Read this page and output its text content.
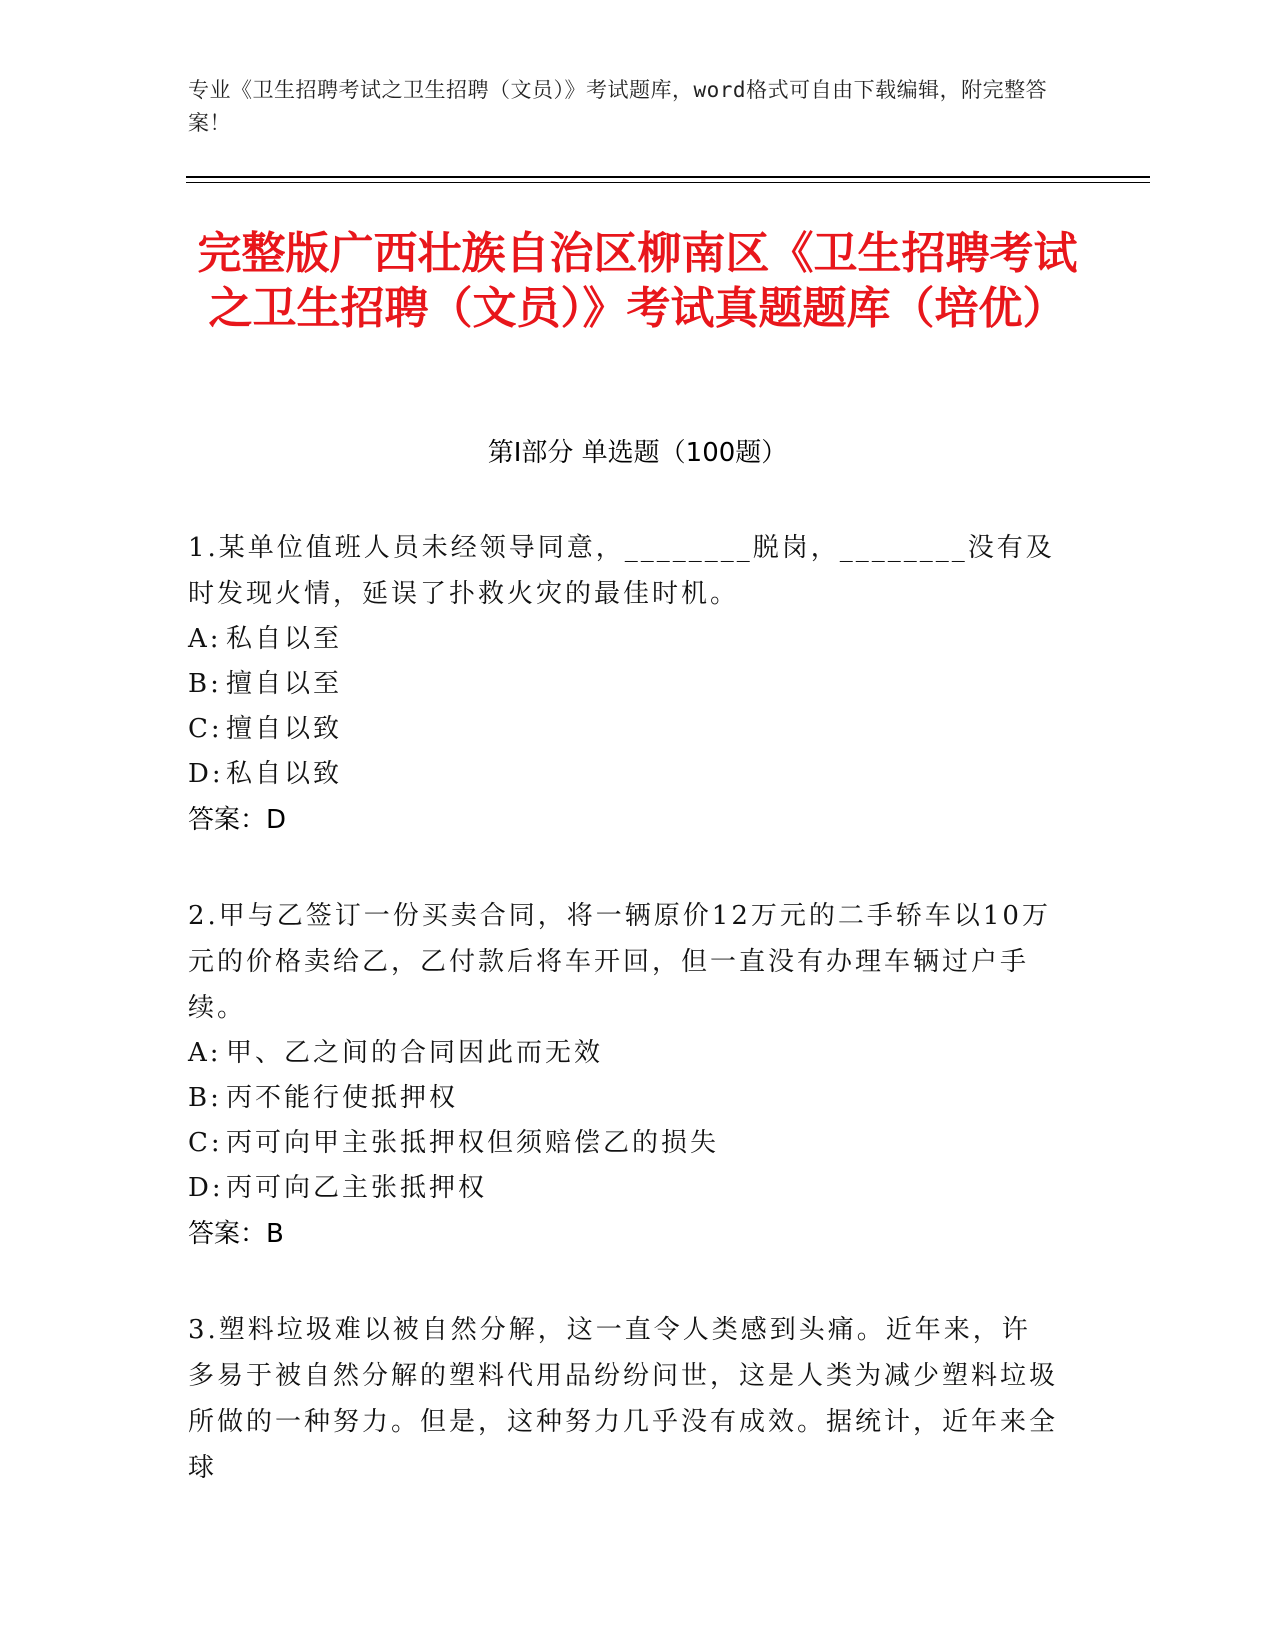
专业《卫生招聘考试之卫生招聘（文员）》考试题库，word格式可自由下载编辑，附完整答案！
完整版广西壮族自治区柳南区《卫生招聘考试之卫生招聘（文员）》考试真题题库（培优）
第I部分 单选题（100题）

1.某单位值班人员未经领导同意，________脱岗，________没有及时发现火情，延误了扑救火灾的最佳时机。

A: 私自以至

B: 擅自以至

C: 擅自以致

D:私自以致

答案：D

2.甲与乙签订一份买卖合同，将一辆原价12万元的二手轿车以10万元的价格卖给乙，乙付款后将车开回，但一直没有办理车辆过户手续。

A: 甲、乙之间的合同因此而无效

B: 丙不能行使抵押权

C: 丙可向甲主张抵押权但须赔偿乙的损失

D:丙可向乙主张抵押权

答案：B

3.塑料垃圾难以被自然分解，这一直令人类感到头痛。近年来，许多易于被自然分解的塑料代用品纷纷问世，这是人类为减少塑料垃圾所做的一种努力。但是，这种努力几乎没有成效。据统计，近年来全球
